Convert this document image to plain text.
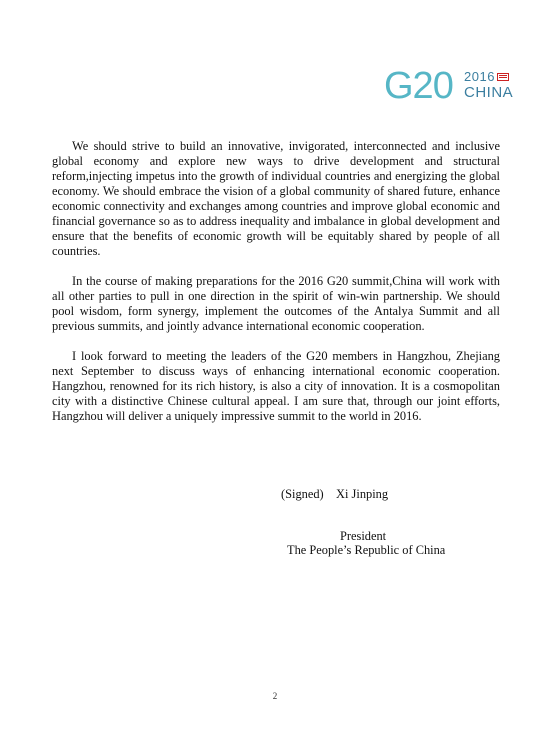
G20 2016
CHINA

We should strive to build an innovative, invigorated, interconnected and inclusive global economy and explore new ways to drive development and structural reform,injecting impetus into the growth of individual countries and energizing the global economy. We should embrace the vision of a global community of shared future, enhance economic connectivity and exchanges among countries and improve global economic and financial governance so as to address inequality and imbalance in global development and ensure that the benefits of economic growth will be equitably shared by people of all countries.

In the course of making preparations for the 2016 G20 summit,China will work with all other parties to pull in one direction in the spirit of win-win partnership. We should pool wisdom, form synergy, implement the outcomes of the Antalya Summit and all previous summits, and jointly advance international economic cooperation.

I look forward to meeting the leaders of the G20 members in Hangzhou, Zhejiang next September to discuss ways of enhancing international economic cooperation. Hangzhou, renowned for its rich history, is also a city of innovation. It is a cosmopolitan city with a distinctive Chinese cultural appeal. I am sure that, through our joint efforts, Hangzhou will deliver a uniquely impressive summit to the world in 2016.

(Signed)    Xi Jinping
President
The People’s Republic of China
2
